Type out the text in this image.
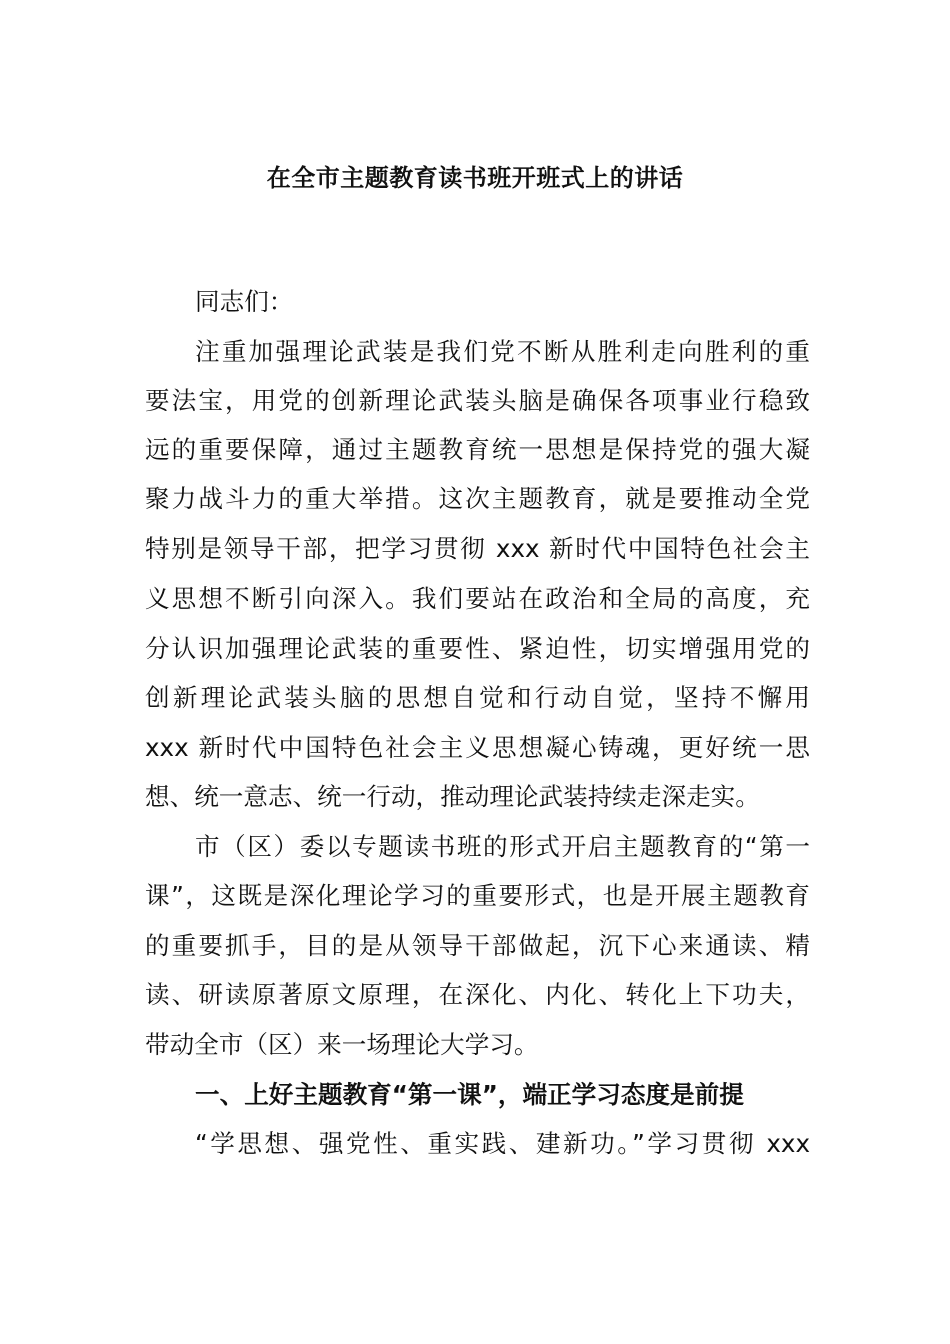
在全市主题教育读书班开班式上的讲话
同志们：
注重加强理论武装是我们党不断从胜利走向胜利的重
要法宝，用党的创新理论武装头脑是确保各项事业行稳致
远的重要保障，通过主题教育统一思想是保持党的强大凝
聚力战斗力的重大举措。这次主题教育，就是要推动全党
特别是领导干部，把学习贯彻 xxx 新时代中国特色社会主
义思想不断引向深入。我们要站在政治和全局的高度，充
分认识加强理论武装的重要性、紧迫性，切实增强用党的
创新理论武装头脑的思想自觉和行动自觉，坚持不懈用
xxx 新时代中国特色社会主义思想凝心铸魂，更好统一思
想、统一意志、统一行动，推动理论武装持续走深走实。
市（区）委以专题读书班的形式开启主题教育的“第一
课”，这既是深化理论学习的重要形式，也是开展主题教育
的重要抓手，目的是从领导干部做起，沉下心来通读、精
读、研读原著原文原理，在深化、内化、转化上下功夫，
带动全市（区）来一场理论大学习。
一、上好主题教育“第一课”，端正学习态度是前提
“学思想、强党性、重实践、建新功。”学习贯彻 xxx
